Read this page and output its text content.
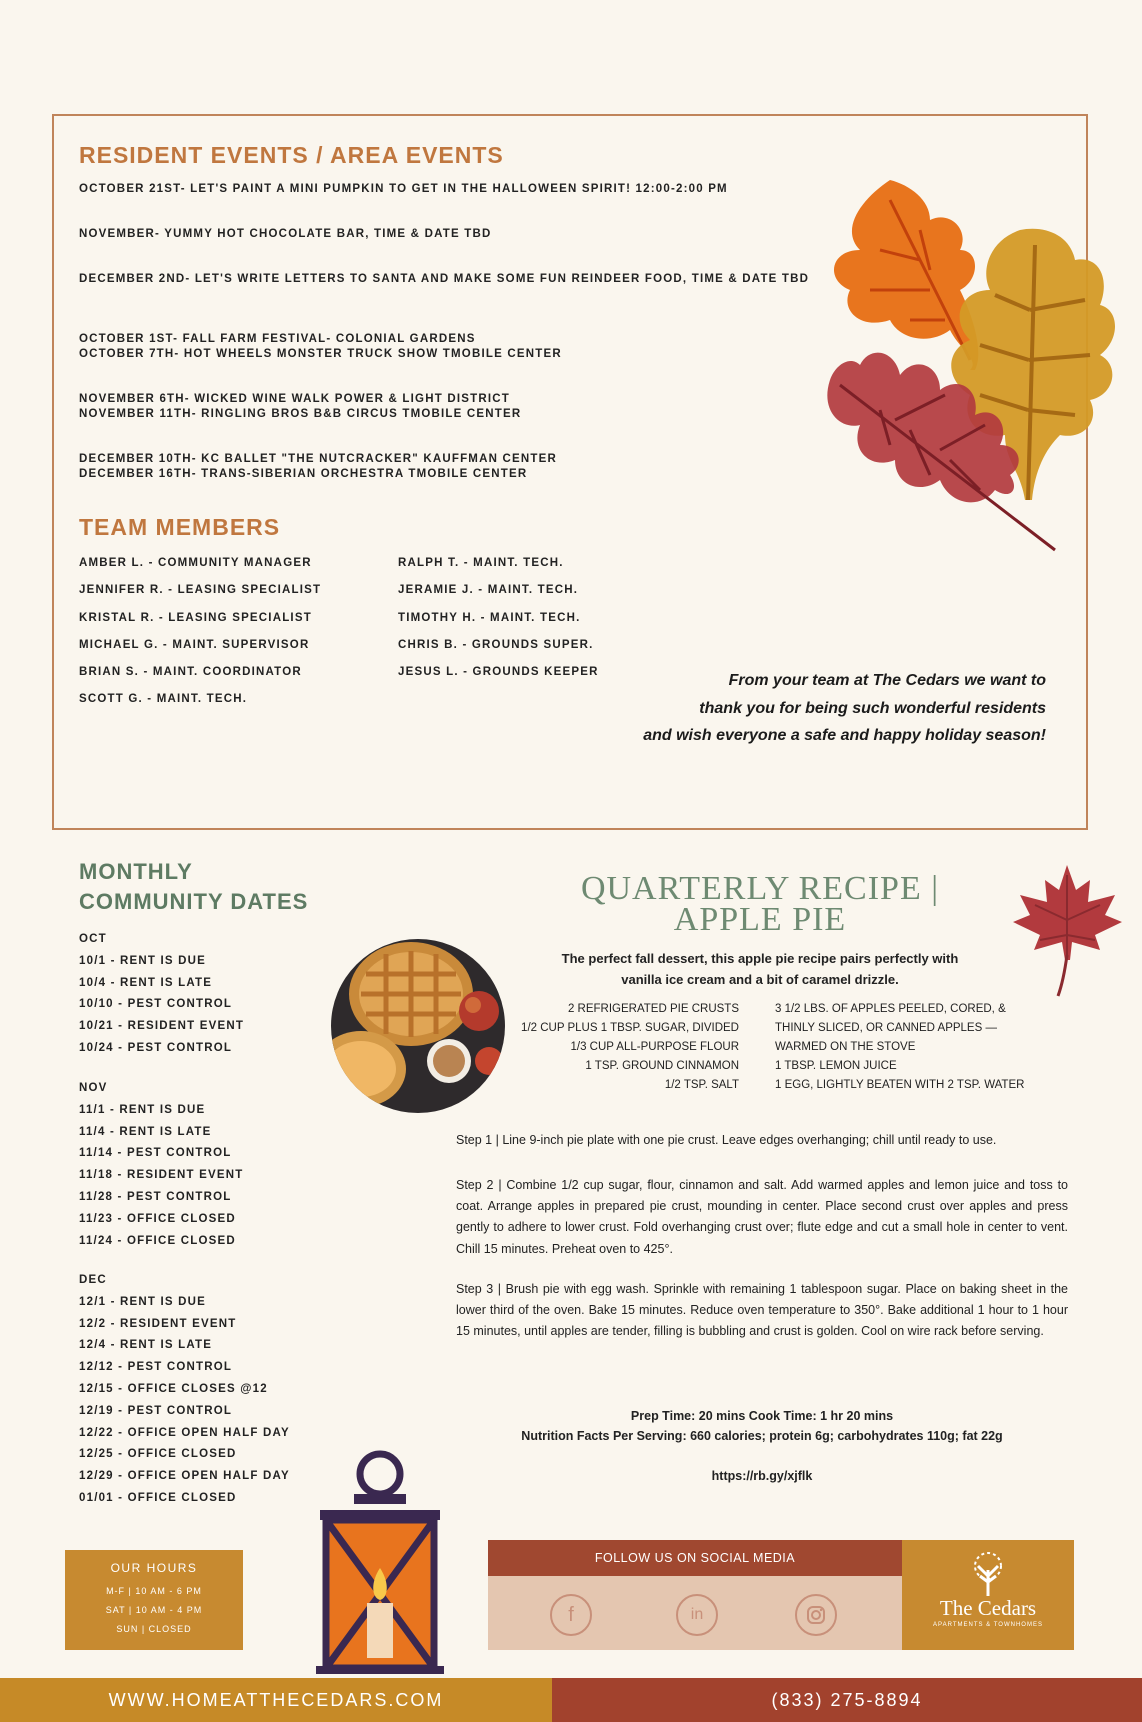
RESIDENT EVENTS / AREA EVENTS
OCTOBER 21ST- LET'S PAINT A MINI PUMPKIN TO GET IN THE HALLOWEEN SPIRIT! 12:00-2:00 PM
NOVEMBER- YUMMY HOT CHOCOLATE BAR, TIME & DATE TBD
DECEMBER 2ND- LET'S WRITE LETTERS TO SANTA AND MAKE SOME FUN REINDEER FOOD, TIME & DATE TBD
OCTOBER 1ST- FALL FARM FESTIVAL- COLONIAL GARDENS
OCTOBER 7TH- HOT WHEELS MONSTER TRUCK SHOW TMOBILE CENTER
NOVEMBER 6TH- WICKED WINE WALK POWER & LIGHT DISTRICT
NOVEMBER 11TH- RINGLING BROS B&B CIRCUS TMOBILE CENTER
DECEMBER 10TH- KC BALLET "THE NUTCRACKER" KAUFFMAN CENTER
DECEMBER 16TH- TRANS-SIBERIAN ORCHESTRA TMOBILE CENTER
TEAM MEMBERS
AMBER L. - COMMUNITY MANAGER
JENNIFER R. - LEASING SPECIALIST
KRISTAL R. - LEASING SPECIALIST
MICHAEL G. - MAINT. SUPERVISOR
BRIAN S. - MAINT. COORDINATOR
SCOTT G. - MAINT. TECH.
RALPH T. - MAINT. TECH.
JERAMIE J. - MAINT. TECH.
TIMOTHY H. - MAINT. TECH.
CHRIS B. - GROUNDS SUPER.
JESUS L. - GROUNDS KEEPER	From your team at The Cedars we want to
thank you for being such wonderful residents
and wish everyone a safe and happy holiday season!
MONTHLY
COMMUNITY DATES
OCT
10/1 - RENT IS DUE
10/4 - RENT IS LATE
10/10 - PEST CONTROL
10/21 - RESIDENT EVENT
10/24 - PEST CONTROL
NOV
11/1 - RENT IS DUE
11/4 - RENT IS LATE
11/14 - PEST CONTROL
11/18 - RESIDENT EVENT
11/28 - PEST CONTROL
11/23 - OFFICE CLOSED
11/24 - OFFICE CLOSED
DEC
12/1 - RENT IS DUE
12/2 - RESIDENT EVENT
12/4 - RENT IS LATE
12/12 - PEST CONTROL
12/15 - OFFICE CLOSES @12
12/19 - PEST CONTROL
12/22 - OFFICE OPEN HALF DAY
12/25 - OFFICE CLOSED
12/29 - OFFICE OPEN HALF DAY
01/01 - OFFICE CLOSED
QUARTERLY RECIPE |
APPLE PIE
The perfect fall dessert, this apple pie recipe pairs perfectly with
vanilla ice cream and a bit of caramel drizzle.
2 REFRIGERATED PIE CRUSTS
1/2 CUP PLUS 1 TBSP. SUGAR, DIVIDED
1/3 CUP ALL-PURPOSE FLOUR
1 TSP. GROUND CINNAMON
1/2 TSP. SALT
3 1/2 LBS. OF APPLES PEELED, CORED, &
THINLY SLICED, OR CANNED APPLES —
WARMED ON THE STOVE
1 TBSP. LEMON JUICE
1 EGG, LIGHTLY BEATEN WITH 2 TSP. WATER
Step 1 | Line 9-inch pie plate with one pie crust. Leave edges overhanging; chill until ready to use.
Step 2 | Combine 1/2 cup sugar, flour, cinnamon and salt. Add warmed apples and lemon juice and toss to coat. Arrange apples in prepared pie crust, mounding in center. Place second crust over apples and press gently to adhere to lower crust. Fold overhanging crust over; flute edge and cut a small hole in center to vent. Chill 15 minutes. Preheat oven to 425°.
Step 3 | Brush pie with egg wash. Sprinkle with remaining 1 tablespoon sugar. Place on baking sheet in the lower third of the oven. Bake 15 minutes. Reduce oven temperature to 350°. Bake additional 1 hour to 1 hour 15 minutes, until apples are tender, filling is bubbling and crust is golden. Cool on wire rack before serving.
Prep Time: 20 mins Cook Time: 1 hr 20 mins
Nutrition Facts Per Serving: 660 calories; protein 6g; carbohydrates 110g; fat 22g
https://rb.gy/xjflk
OUR HOURS
M-F | 10 AM - 6 PM
SAT | 10 AM - 4 PM
SUN | CLOSED
FOLLOW US ON SOCIAL MEDIA
f	in	The Cedars
APARTMENTS & TOWNHOMES
WWW.HOMEATTHECEDARS.COM	(833) 275-8894
